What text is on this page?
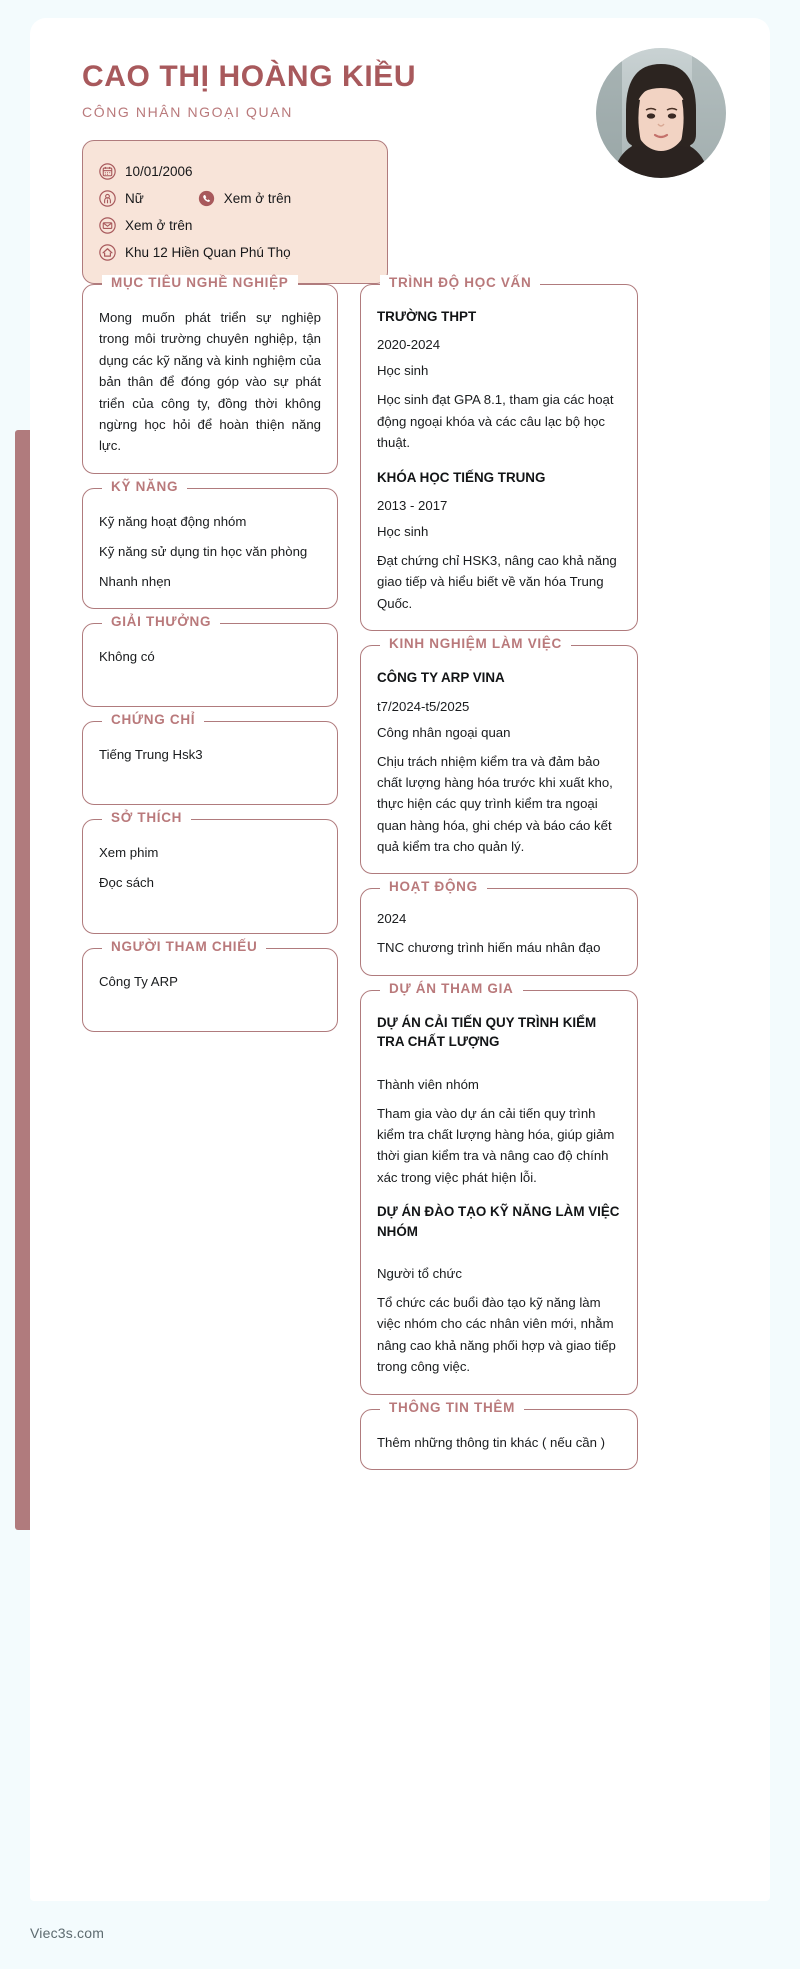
CAO THỊ HOÀNG KIỀU
CÔNG NHÂN NGOẠI QUAN
10/01/2006
Nữ	Xem ở trên
Xem ở trên
Khu 12 Hiền Quan Phú Thọ
MỤC TIÊU NGHỀ NGHIỆP

Mong muốn phát triển sự nghiệp trong môi trường chuyên nghiệp, tận dụng các kỹ năng và kinh nghiệm của bản thân để đóng góp vào sự phát triển của công ty, đồng thời không ngừng học hỏi để hoàn thiện năng lực.

KỸ NĂNG

Kỹ năng hoạt động nhóm

Kỹ năng sử dụng tin học văn phòng

Nhanh nhẹn

GIẢI THƯỞNG

Không có

CHỨNG CHỈ

Tiếng Trung Hsk3

SỞ THÍCH

Xem phim

Đọc sách

NGƯỜI THAM CHIẾU

Công Ty ARP

TRÌNH ĐỘ HỌC VẤN

TRƯỜNG THPT

2020-2024

Học sinh

Học sinh đạt GPA 8.1, tham gia các hoạt động ngoại khóa và các câu lạc bộ học thuật.

KHÓA HỌC TIẾNG TRUNG

2013 - 2017

Học sinh

Đạt chứng chỉ HSK3, nâng cao khả năng giao tiếp và hiểu biết về văn hóa Trung Quốc.

KINH NGHIỆM LÀM VIỆC

CÔNG TY ARP VINA

t7/2024-t5/2025

Công nhân ngoại quan

Chịu trách nhiệm kiểm tra và đảm bảo chất lượng hàng hóa trước khi xuất kho, thực hiện các quy trình kiểm tra ngoại quan hàng hóa, ghi chép và báo cáo kết quả kiểm tra cho quản lý.

HOẠT ĐỘNG

2024

TNC chương trình hiến máu nhân đạo

DỰ ÁN THAM GIA

DỰ ÁN CẢI TIẾN QUY TRÌNH KIỂM TRA CHẤT LƯỢNG

Thành viên nhóm

Tham gia vào dự án cải tiến quy trình kiểm tra chất lượng hàng hóa, giúp giảm thời gian kiểm tra và nâng cao độ chính xác trong việc phát hiện lỗi.

DỰ ÁN ĐÀO TẠO KỸ NĂNG LÀM VIỆC NHÓM

Người tổ chức

Tổ chức các buổi đào tạo kỹ năng làm việc nhóm cho các nhân viên mới, nhằm nâng cao khả năng phối hợp và giao tiếp trong công việc.

THÔNG TIN THÊM

Thêm những thông tin khác ( nếu cần )

Viec3s.com
